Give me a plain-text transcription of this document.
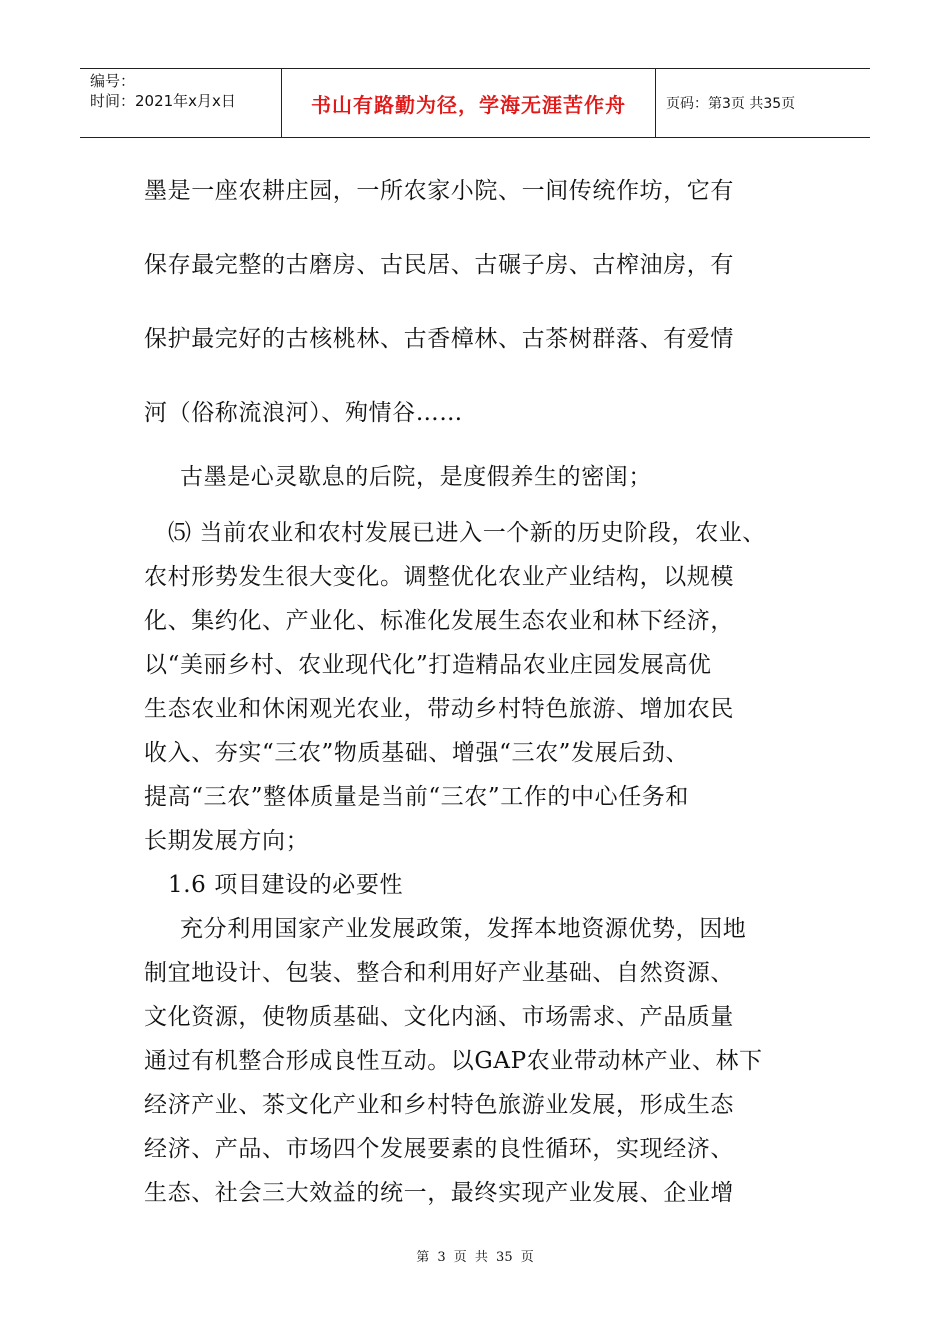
编号：
时间：2021年x月x日	书山有路勤为径，学海无涯苦作舟	页码：第3页 共35页
墨是一座农耕庄园，一所农家小院、一间传统作坊，它有
保存最完整的古磨房、古民居、古碾子房、古榨油房，有
保护最完好的古核桃林、古香樟林、古茶树群落、有爱情
河（俗称流浪河）、殉情谷……
古墨是心灵歇息的后院，是度假养生的密闺；
⑸ 当前农业和农村发展已进入一个新的历史阶段，农业、
农村形势发生很大变化。调整优化农业产业结构，以规模
化、集约化、产业化、标准化发展生态农业和林下经济，
以“美丽乡村、农业现代化”打造精品农业庄园发展高优
生态农业和休闲观光农业，带动乡村特色旅游、增加农民
收入、夯实“三农”物质基础、增强“三农”发展后劲、
提高“三农”整体质量是当前“三农”工作的中心任务和
长期发展方向；
1.6 项目建设的必要性
充分利用国家产业发展政策，发挥本地资源优势，因地
制宜地设计、包装、整合和利用好产业基础、自然资源、
文化资源，使物质基础、文化内涵、市场需求、产品质量
通过有机整合形成良性互动。以GAP农业带动林产业、林下
经济产业、茶文化产业和乡村特色旅游业发展，形成生态
经济、产品、市场四个发展要素的良性循环，实现经济、
生态、社会三大效益的统一，最终实现产业发展、企业增
第 3 页 共 35 页
